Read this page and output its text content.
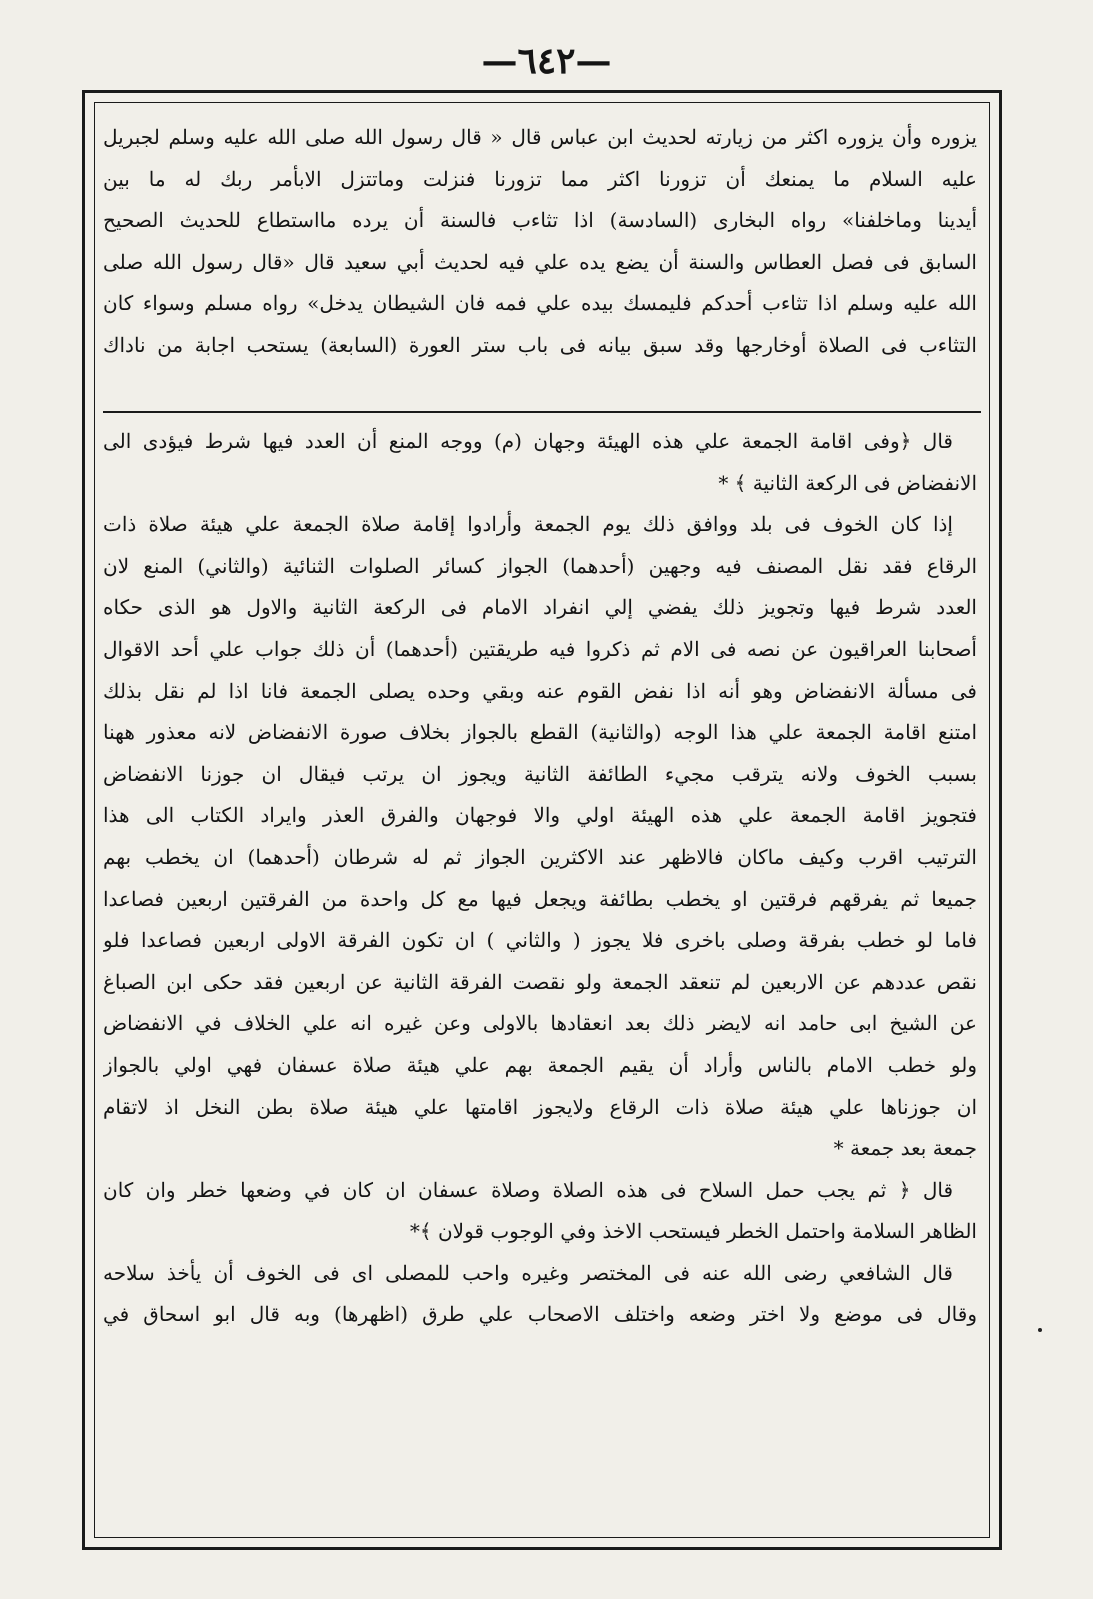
—٦٤٢—
يزوره وأن يزوره اكثر من زيارته لحديث ابن عباس قال « قال رسول الله صلى الله عليه وسلم لجبريل
عليه السلام ما يمنعك أن تزورنا اكثر مما تزورنا فنزلت وماتتزل الابأمر ربك له ما بين
أيدينا وماخلفنا» رواه البخارى (السادسة) اذا تثاءب فالسنة أن يرده مااستطاع للحديث الصحيح
السابق فى فصل العطاس والسنة أن يضع يده علي فيه لحديث أبي سعيد قال «قال رسول الله صلى
الله عليه وسلم اذا تثاءب أحدكم فليمسك بيده علي فمه فان الشيطان يدخل» رواه مسلم وسواء كان
التثاءب فى الصلاة أوخارجها وقد سبق بيانه فى باب ستر العورة (السابعة) يستحب اجابة من ناداك
قال ﴿وفى اقامة الجمعة علي هذه الهيئة وجهان (م) ووجه المنع أن العدد فيها شرط فيؤدى الى
الانفضاض فى الركعة الثانية ﴾ *
إذا كان الخوف فى بلد ووافق ذلك يوم الجمعة وأرادوا إقامة صلاة الجمعة علي هيئة صلاة ذات
الرقاع فقد نقل المصنف فيه وجهين (أحدهما) الجواز كسائر الصلوات الثنائية (والثاني) المنع لان
العدد شرط فيها وتجويز ذلك يفضي إلي انفراد الامام فى الركعة الثانية والاول هو الذى حكاه
أصحابنا العراقيون عن نصه فى الام ثم ذكروا فيه طريقتين (أحدهما) أن ذلك جواب علي أحد الاقوال
فى مسألة الانفضاض وهو أنه اذا نفض القوم عنه وبقي وحده يصلى الجمعة فانا اذا لم نقل بذلك
امتنع اقامة الجمعة علي هذا الوجه (والثانية) القطع بالجواز بخلاف صورة الانفضاض لانه معذور ههنا
بسبب الخوف ولانه يترقب مجيء الطائفة الثانية ويجوز ان يرتب فيقال ان جوزنا الانفضاض
فتجويز اقامة الجمعة علي هذه الهيئة اولي والا فوجهان والفرق العذر وايراد الكتاب الى هذا
الترتيب اقرب وكيف ماكان فالاظهر عند الاكثرين الجواز ثم له شرطان (أحدهما) ان يخطب بهم
جميعا ثم يفرقهم فرقتين او يخطب بطائفة ويجعل فيها مع كل واحدة من الفرقتين اربعين فصاعدا
فاما لو خطب بفرقة وصلى باخرى فلا يجوز ( والثاني ) ان تكون الفرقة الاولى اربعين فصاعدا فلو
نقص عددهم عن الاربعين لم تنعقد الجمعة ولو نقصت الفرقة الثانية عن اربعين فقد حكى ابن الصباغ
عن الشيخ ابى حامد انه لايضر ذلك بعد انعقادها بالاولى وعن غيره انه علي الخلاف في الانفضاض
ولو خطب الامام بالناس وأراد أن يقيم الجمعة بهم علي هيئة صلاة عسفان فهي اولي بالجواز
ان جوزناها علي هيئة صلاة ذات الرقاع ولايجوز اقامتها علي هيئة صلاة بطن النخل اذ لاتقام
جمعة بعد جمعة *
قال ﴿ ثم يجب حمل السلاح فى هذه الصلاة وصلاة عسفان ان كان في وضعها خطر وان كان
الظاهر السلامة واحتمل الخطر فيستحب الاخذ وفي الوجوب قولان ﴾*
قال الشافعي رضى الله عنه فى المختصر وغيره واحب للمصلى اى فى الخوف أن يأخذ سلاحه
وقال فى موضع ولا اختر وضعه واختلف الاصحاب علي طرق (اظهرها) وبه قال ابو اسحاق في
